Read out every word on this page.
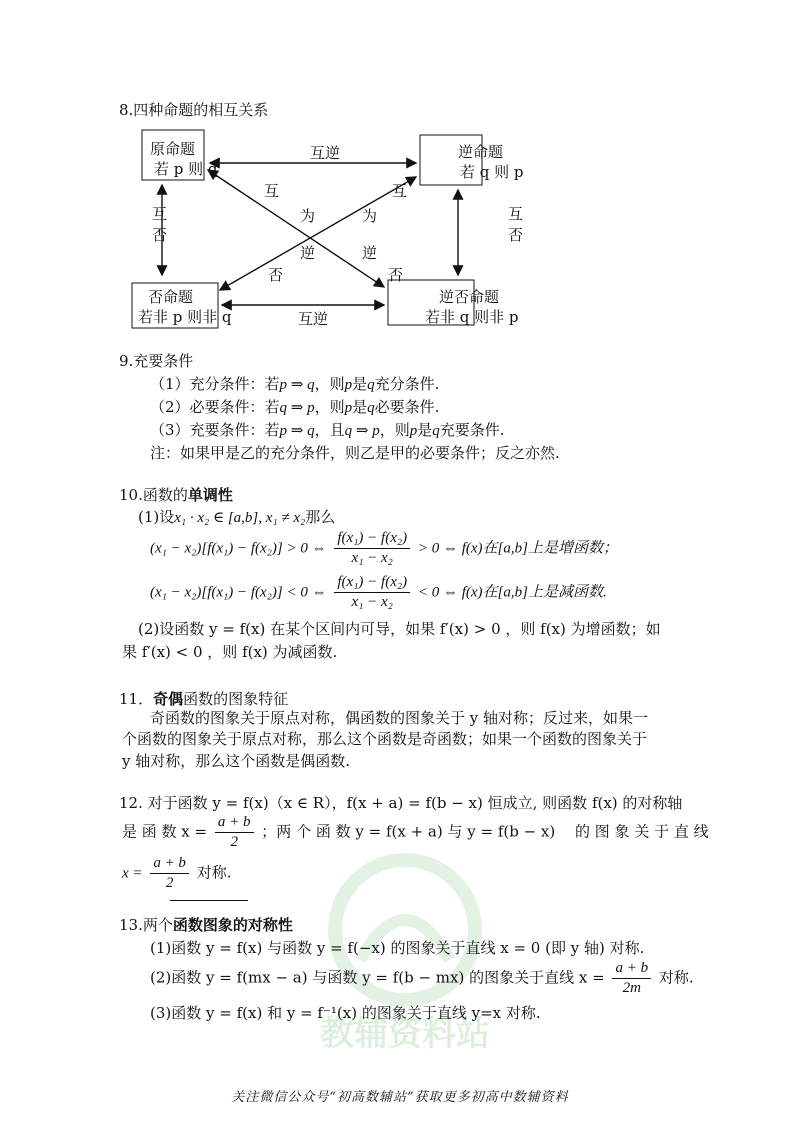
教辅资料站
8.四种命题的相互关系
原命题
若 p 则 q
逆命题
若 q 则 p
否命题
若非 p 则非 q
逆否命题
若非 q 则非 p
互逆
互逆
互
否
互
否
互
为
逆
否
互
为
逆
否
9.充要条件
（1）充分条件：若p ⇒ q，则p是q充分条件.
（2）必要条件：若q ⇒ p，则p是q必要条件.
（3）充要条件：若p ⇒ q，且q ⇒ p，则p是q充要条件.
注：如果甲是乙的充分条件，则乙是甲的必要条件；反之亦然.
10.函数的单调性
(1)设x₁ · x₂ ∈ [a,b], x₁ ≠ x₂那么
(x₁ − x₂)[f(x₁) − f(x₂)] > 0 ⇔ $\frac{\text{f(x₁) − f(x₂)}}{\text{x₁ − x₂}} > 0$ ⇔ f(x)在[a,b]上是增函数；
(x₁ − x₂)[f(x₁) − f(x₂)] < 0 ⇔ $\frac{\text{f(x₁) − f(x₂)}}{\text{x₁ − x₂}} < 0$ ⇔ f(x)在[a,b]上是减函数.
(2)设函数 y = f(x) 在某个区间内可导，如果 f′(x) > 0 ，则 f(x) 为增函数；如
果 f′(x) < 0 ，则 f(x) 为减函数.
11．奇偶函数的图象特征
奇函数的图象关于原点对称，偶函数的图象关于 y 轴对称；反过来，如果一
个函数的图象关于原点对称，那么这个函数是奇函数；如果一个函数的图象关于
y 轴对称，那么这个函数是偶函数.
12. 对于函数 y = f(x)（x ∈ R），f(x + a) = f(b − x) 恒成立, 则函数 f(x) 的对称轴
是 函 数 $x = \frac{a + b}{2}$ ；两 个 函 数 y = f(x + a) 与 y = f(b − x)　 的 图 象 关 于 直 线
$x = \frac{a + b}{2}$ 对称.
13.两个函数图象的对称性
(1)函数 y = f(x) 与函数 y = f(−x) 的图象关于直线 x = 0 (即 y 轴) 对称.
(2)函数 y = f(mx − a) 与函数 y = f(b − mx) 的图象关于直线 $x = \frac{a + b}{2m}$ 对称.
(3)函数 y = f(x) 和 y = f⁻¹(x) 的图象关于直线 y=x 对称.
关注微信公众号“初高数辅站”获取更多初高中数辅资料
